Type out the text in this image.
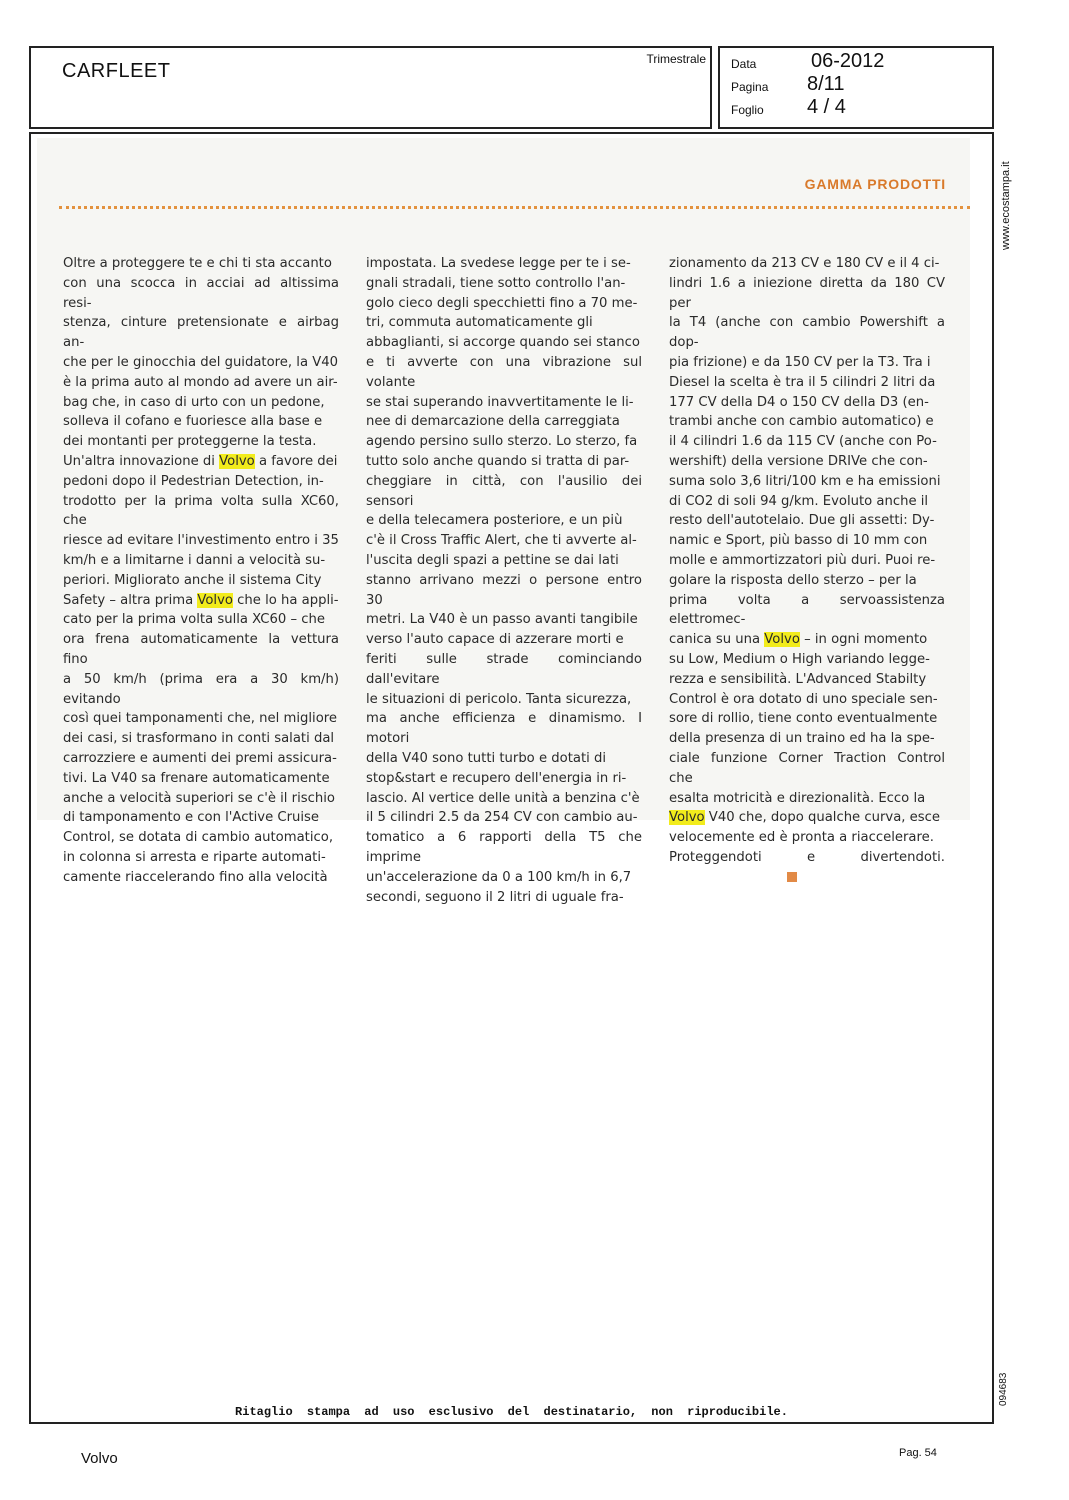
CARFLEET
Trimestrale Data	06-2012
Pagina 8/11
Foglio 4 / 4
GAMMA PRODOTTI

Oltre a proteggere te e chi ti sta accanto
con una scocca in acciai ad altissima resi-
stenza, cinture pretensionate e airbag an-
che per le ginocchia del guidatore, la V40
è la prima auto al mondo ad avere un air-
bag che, in caso di urto con un pedone,
solleva il cofano e fuoriesce alla base e
dei montanti per proteggerne la testa.
Un'altra innovazione di Volvo a favore dei
pedoni dopo il Pedestrian Detection, in-
trodotto per la prima volta sulla XC60, che
riesce ad evitare l'investimento entro i 35
km/h e a limitarne i danni a velocità su-
periori. Migliorato anche il sistema City
Safety – altra prima Volvo che lo ha appli-
cato per la prima volta sulla XC60 – che
ora frena automaticamente la vettura fino
a 50 km/h (prima era a 30 km/h) evitando
così quei tamponamenti che, nel migliore
dei casi, si trasformano in conti salati dal
carrozziere e aumenti dei premi assicura-
tivi. La V40 sa frenare automaticamente
anche a velocità superiori se c'è il rischio
di tamponamento e con l'Active Cruise
Control, se dotata di cambio automatico,
in colonna si arresta e riparte automati-
camente riaccelerando fino alla velocità

impostata. La svedese legge per te i se-
gnali stradali, tiene sotto controllo l'an-
golo cieco degli specchietti fino a 70 me-
tri, commuta automaticamente gli
abbaglianti, si accorge quando sei stanco
e ti avverte con una vibrazione sul volante
se stai superando inavvertitamente le li-
nee di demarcazione della carreggiata
agendo persino sullo sterzo. Lo sterzo, fa
tutto solo anche quando si tratta di par-
cheggiare in città, con l'ausilio dei sensori
e della telecamera posteriore, e un più
c'è il Cross Traffic Alert, che ti avverte al-
l'uscita degli spazi a pettine se dai lati
stanno arrivano mezzi o persone entro 30
metri. La V40 è un passo avanti tangibile
verso l'auto capace di azzerare morti e
feriti sulle strade cominciando dall'evitare
le situazioni di pericolo. Tanta sicurezza,
ma anche efficienza e dinamismo. I motori
della V40 sono tutti turbo e dotati di
stop&start e recupero dell'energia in ri-
lascio. Al vertice delle unità a benzina c'è
il 5 cilindri 2.5 da 254 CV con cambio au-
tomatico a 6 rapporti della T5 che imprime
un'accelerazione da 0 a 100 km/h in 6,7
secondi, seguono il 2 litri di uguale fra-

zionamento da 213 CV e 180 CV e il 4 ci-
lindri 1.6 a iniezione diretta da 180 CV per
la T4 (anche con cambio Powershift a dop-
pia frizione) e da 150 CV per la T3. Tra i
Diesel la scelta è tra il 5 cilindri 2 litri da
177 CV della D4 o 150 CV della D3 (en-
trambi anche con cambio automatico) e
il 4 cilindri 1.6 da 115 CV (anche con Po-
wershift) della versione DRIVe che con-
suma solo 3,6 litri/100 km e ha emissioni
di CO2 di soli 94 g/km. Evoluto anche il
resto dell'autotelaio. Due gli assetti: Dy-
namic e Sport, più basso di 10 mm con
molle e ammortizzatori più duri. Puoi re-
golare la risposta dello sterzo – per la
prima volta a servoassistenza elettromec-
canica su una Volvo – in ogni momento
su Low, Medium o High variando legge-
rezza e sensibilità. L'Advanced Stabilty
Control è ora dotato di uno speciale sen-
sore di rollio, tiene conto eventualmente
della presenza di un traino ed ha la spe-
ciale funzione Corner Traction Control che
esalta motricità e direzionalità. Ecco la
Volvo V40 che, dopo qualche curva, esce
velocemente ed è pronta a riaccelerare.
Proteggendoti e divertendoti.

Ritaglio stampa ad uso esclusivo del destinatario, non riproducibile.
www.ecostampa.it
094683
Volvo	Pag. 54
